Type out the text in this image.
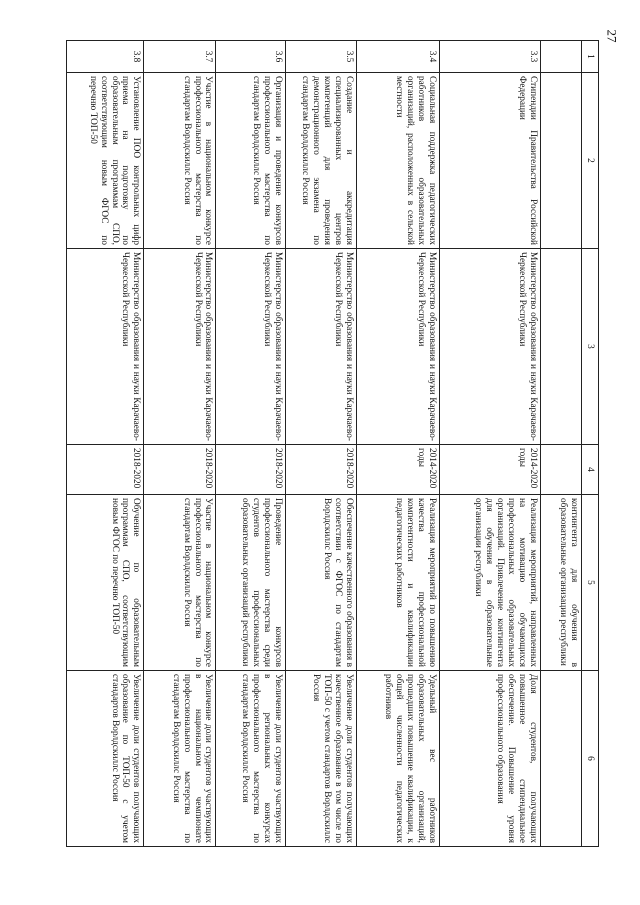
27
1	2	3	4	5	6
				контингента для обучения в образовательные организации республики	
3.3	Стипендии Правительства Российской Федерации	Министерство образования и науки Карачаево-Черкесской Республики	2014-2020 годы	Реализация мероприятий, направленных на мотивацию обучающихся профессиональных образовательных организаций. Привлечение контингента для обучения в образовательные организации республики	Доля студентов, получающих повышенное стипендиальное обеспечение. Повышение уровня профессионального образования
3.4	Социальная поддержка педагогических работников образовательных организаций, расположенных в сельской местности	Министерство образования и науки Карачаево-Черкесской Республики	2014-2020 годы	Реализация мероприятий по повышению качества профессиональной компетентности и квалификации педагогических работников	Удельный вес работников образовательных организаций, прошедших повышение квалификации, к общей численности педагогических работников
3.5	Создание и аккредитация специализированных центров компетенций для проведения демонстрационного экзамена по стандартам Ворлдскиллс Россия	Министерство образования и науки Карачаево-Черкесской Республики	2018-2020	Обеспечение качественного образования в соответствии с ФГОС по стандартам Ворлдскиллс Россия	Увеличение доли студентов получающих качественное образование в том числе по ТОП-50 с учетом стандартов Ворлдскиллс Россия
3.6	Организация и проведение конкурсов профессионального мастерства по стандартам Ворлдскиллс Россия	Министерство образования и науки Карачаево-Черкесской Республики	2018-2020	Проведение конкурсов профессионального мастерства среди студентов профессиональных образовательных организаций республики	Увеличение доли студентов участвующих в региональных конкурсах профессионального мастерства по стандартам Ворлдскиллс Россия
3.7	Участие в национальном конкурсе профессионального мастерства по стандартам Ворлдскиллс Россия	Министерство образования и науки Карачаево-Черкесской Республики	2018-2020	Участие в национальном конкурсе профессионального мастерства по стандартам Ворлдскиллс Россия	Увеличение доли студентов участвующих в национальном чемпионате профессионального мастерства по стандартам Ворлдскиллс Россия
3.8	Установление ПОО контрольных цифр приема на подготовку по образовательным программам СПО, соответствующим новым ФГОС по перечню ТОП-50	Министерство образования и науки Карачаево-Черкесской Республики	2018-2020	Обучение по образовательным программам СПО, соответствующим новым ФГОС по перечню ТОП-50	Увеличение доли студентов получающих образование по ТОП-50 с учетом стандартов Ворлдскиллс Россия
